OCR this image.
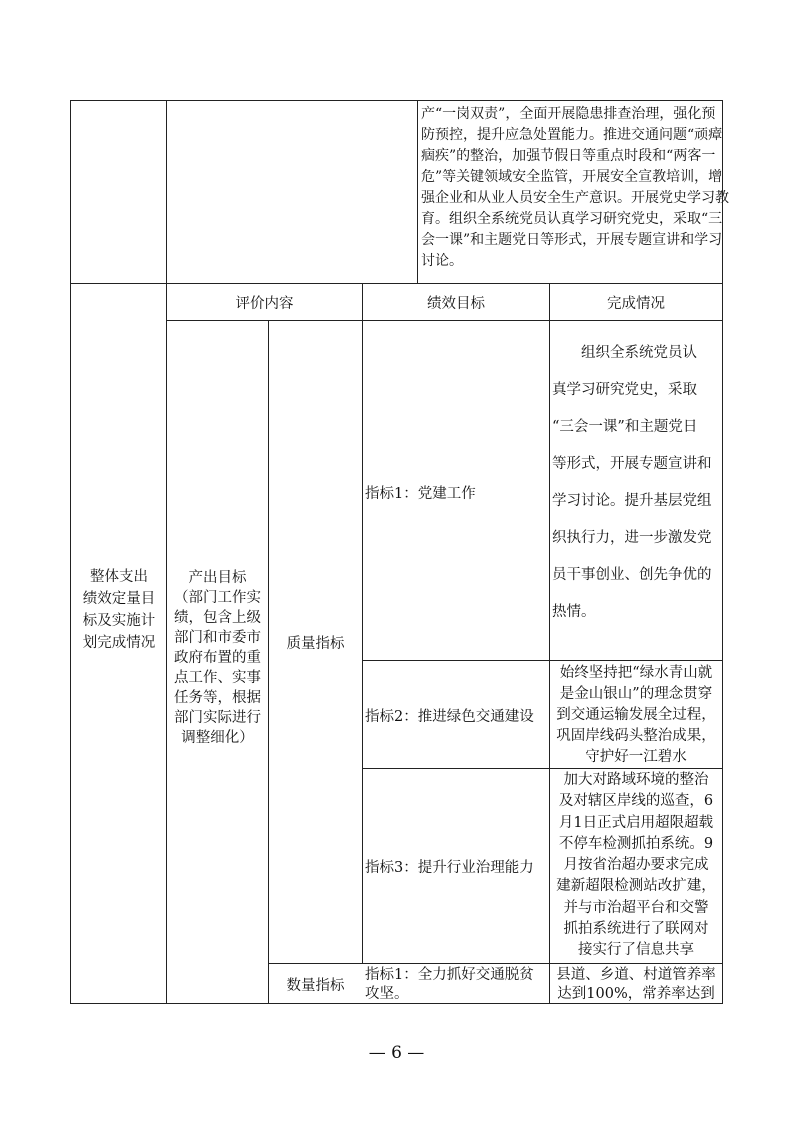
产“一岗双责”，全面开展隐患排查治理，强化预
防预控，提升应急处置能力。推进交通问题“顽瘴
痼疾”的整治，加强节假日等重点时段和“两客一
危”等关键领域安全监管，开展安全宣教培训，增
强企业和从业人员安全生产意识。开展党史学习教
育。组织全系统党员认真学习研究党史，采取“三
会一课”和主题党日等形式，开展专题宣讲和学习
讨论。
整体支出
绩效定量目
标及实施计
划完成情况
评价内容	绩效目标	完成情况
产出目标
（部门工作实
绩，包含上级
部门和市委市
政府布置的重
点工作、实事
任务等，根据
部门实际进行
调整细化）
质量指标
数量指标
指标1：党建工作
　　组织全系统党员认
真学习研究党史，采取
“三会一课”和主题党日
等形式，开展专题宣讲和
学习讨论。提升基层党组
织执行力，进一步激发党
员干事创业、创先争优的
热情。
指标2：推进绿色交通建设
始终坚持把“绿水青山就
是金山银山”的理念贯穿
到交通运输发展全过程，
巩固岸线码头整治成果，
守护好一江碧水
指标3：提升行业治理能力
加大对路域环境的整治
及对辖区岸线的巡查，6
月1日正式启用超限超载
不停车检测抓拍系统。9
月按省治超办要求完成
建新超限检测站改扩建，
并与市治超平台和交警
抓拍系统进行了联网对
接实行了信息共享
指标1：全力抓好交通脱贫
攻坚。
县道、乡道、村道管养率
达到100%，常养率达到
— 6 —
